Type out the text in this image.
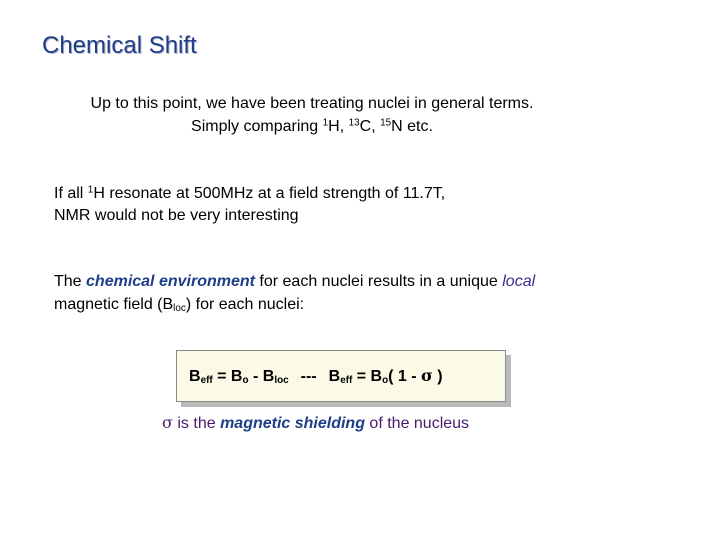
Chemical Shift
Up to this point, we have been treating nuclei in general terms.
Simply comparing $^1$H, $^{13}$C, $^{15}$N etc.
If all $^1$H resonate at 500MHz at a field strength of 11.7T,
NMR would not be very interesting
The chemical environment for each nuclei results in a unique local
magnetic field $(B_{loc})$ for each nuclei:
$B_{eff} = B_o - B_{loc}$ --- $B_{eff} = B_o$( 1 - σ )
σ is the magnetic shielding of the nucleus
